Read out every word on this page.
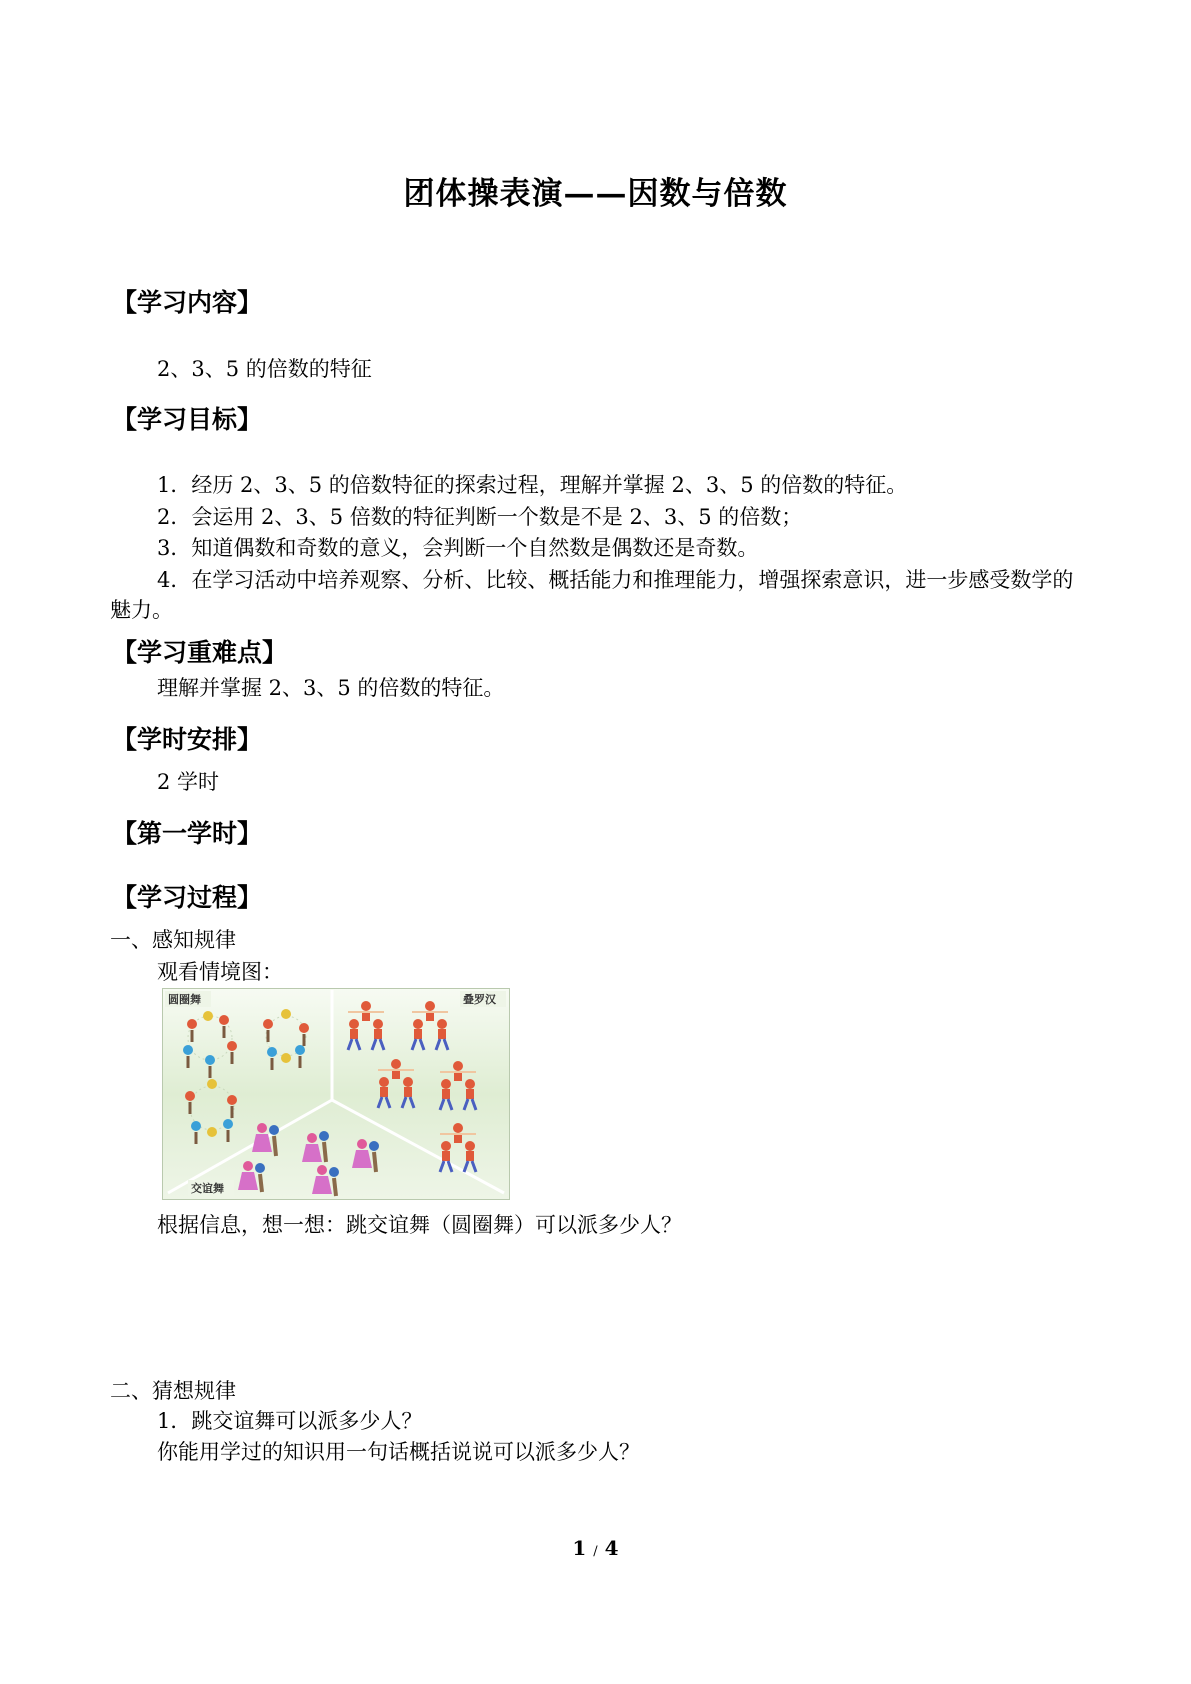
团体操表演——因数与倍数
【学习内容】
2、3、5 的倍数的特征
【学习目标】
1．经历 2、3、5 的倍数特征的探索过程，理解并掌握 2、3、5 的倍数的特征。
2．会运用 2、3、5 倍数的特征判断一个数是不是 2、3、5 的倍数；
3．知道偶数和奇数的意义，会判断一个自然数是偶数还是奇数。
4．在学习活动中培养观察、分析、比较、概括能力和推理能力，增强探索意识，进一步感受数学的魅力。
【学习重难点】
理解并掌握 2、3、5 的倍数的特征。
【学时安排】
2 学时
【第一学时】
【学习过程】
一、感知规律
观看情境图：
圆圈舞	叠罗汉
交谊舞
根据信息，想一想：跳交谊舞（圆圈舞）可以派多少人？
二、猜想规律
1．跳交谊舞可以派多少人？
你能用学过的知识用一句话概括说说可以派多少人？
1 / 4
